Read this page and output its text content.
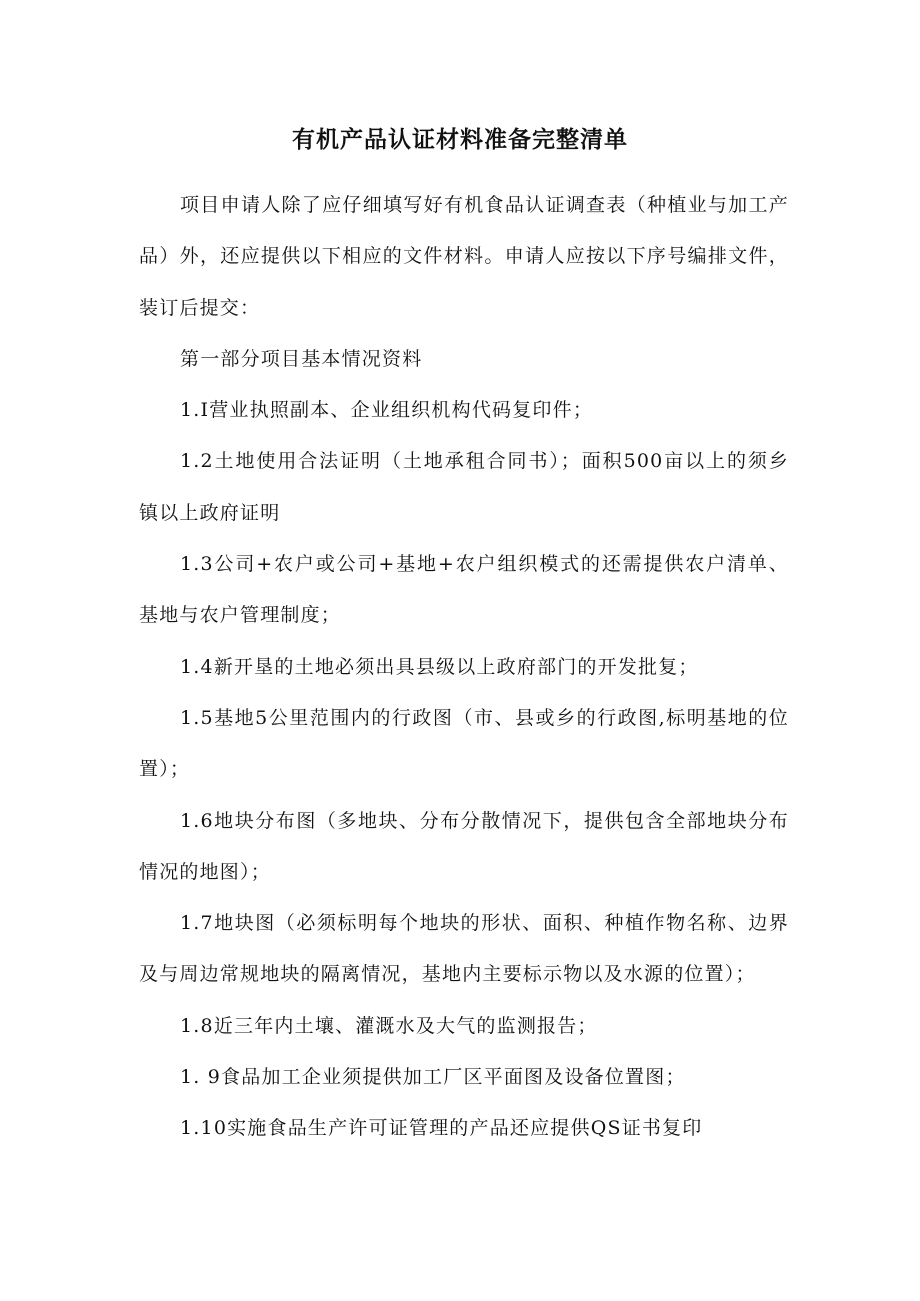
有机产品认证材料准备完整清单

项目申请人除了应仔细填写好有机食品认证调查表（种植业与加工产品）外，还应提供以下相应的文件材料。申请人应按以下序号编排文件，装订后提交：

第一部分项目基本情况资料

1.I营业执照副本、企业组织机构代码复印件；

1.2土地使用合法证明（土地承租合同书）；面积500亩以上的须乡镇以上政府证明

1.3公司+农户或公司+基地+农户组织模式的还需提供农户清单、基地与农户管理制度；

1.4新开垦的土地必须出具县级以上政府部门的开发批复；

1.5基地5公里范围内的行政图（市、县或乡的行政图,标明基地的位置）；

1.6地块分布图（多地块、分布分散情况下，提供包含全部地块分布情况的地图）；

1.7地块图（必须标明每个地块的形状、面积、种植作物名称、边界及与周边常规地块的隔离情况，基地内主要标示物以及水源的位置）；

1.8近三年内土壤、灌溉水及大气的监测报告；

1. 9食品加工企业须提供加工厂区平面图及设备位置图；

1.10实施食品生产许可证管理的产品还应提供QS证书复印
